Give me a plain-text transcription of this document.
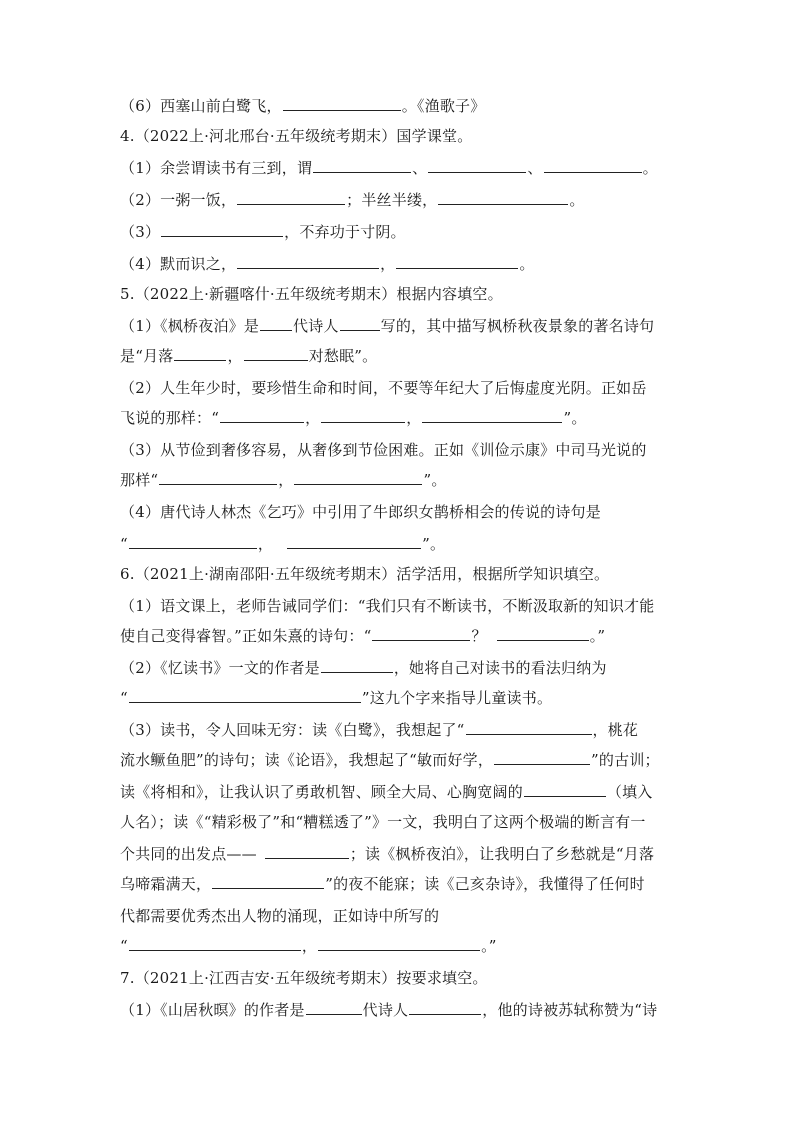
（6）西塞山前白鹭飞，	。《渔歌子》
4.（2022上·河北邢台·五年级统考期末）国学课堂。
（1）余尝谓读书有三到，谓	、	、	。
（2）一粥一饭，	；半丝半缕，	。
（3）	，不弃功于寸阴。
（4）默而识之，	，	。
5.（2022上·新疆喀什·五年级统考期末）根据内容填空。
（1）《枫桥夜泊》是 代诗人	写的，其中描写枫桥秋夜景象的著名诗句
是“月落	，	对愁眠”。
（2）人生年少时，要珍惜生命和时间，不要等年纪大了后悔虚度光阴。正如岳
飞说的那样：“	，	，	”。
（3）从节俭到奢侈容易，从奢侈到节俭困难。正如《训俭示康》中司马光说的
那样“	，	”。
（4）唐代诗人林杰《乞巧》中引用了牛郎织女鹊桥相会的传说的诗句是
“	，	”。
6.（2021上·湖南邵阳·五年级统考期末）活学活用，根据所学知识填空。
（1）语文课上，老师告诫同学们：“我们只有不断读书，不断汲取新的知识才能
使自己变得睿智。”正如朱熹的诗句：“	？	。”
（2）《忆读书》一文的作者是	，她将自己对读书的看法归纳为
“	”这九个字来指导儿童读书。
（3）读书，令人回味无穷：读《白鹭》，我想起了“	，桃花
流水鳜鱼肥”的诗句；读《论语》，我想起了“敏而好学，	”的古训；
读《将相和》，让我认识了勇敢机智、顾全大局、心胸宽阔的	（填入
人名）；读《“精彩极了”和“糟糕透了”》一文，我明白了这两个极端的断言有一
个共同的出发点——	；读《枫桥夜泊》，让我明白了乡愁就是“月落
乌啼霜满天，	”的夜不能寐；读《己亥杂诗》，我懂得了任何时
代都需要优秀杰出人物的涌现，正如诗中所写的
“	，	。”
7.（2021上·江西吉安·五年级统考期末）按要求填空。
（1）《山居秋暝》的作者是	代诗人	，他的诗被苏轼称赞为“诗
